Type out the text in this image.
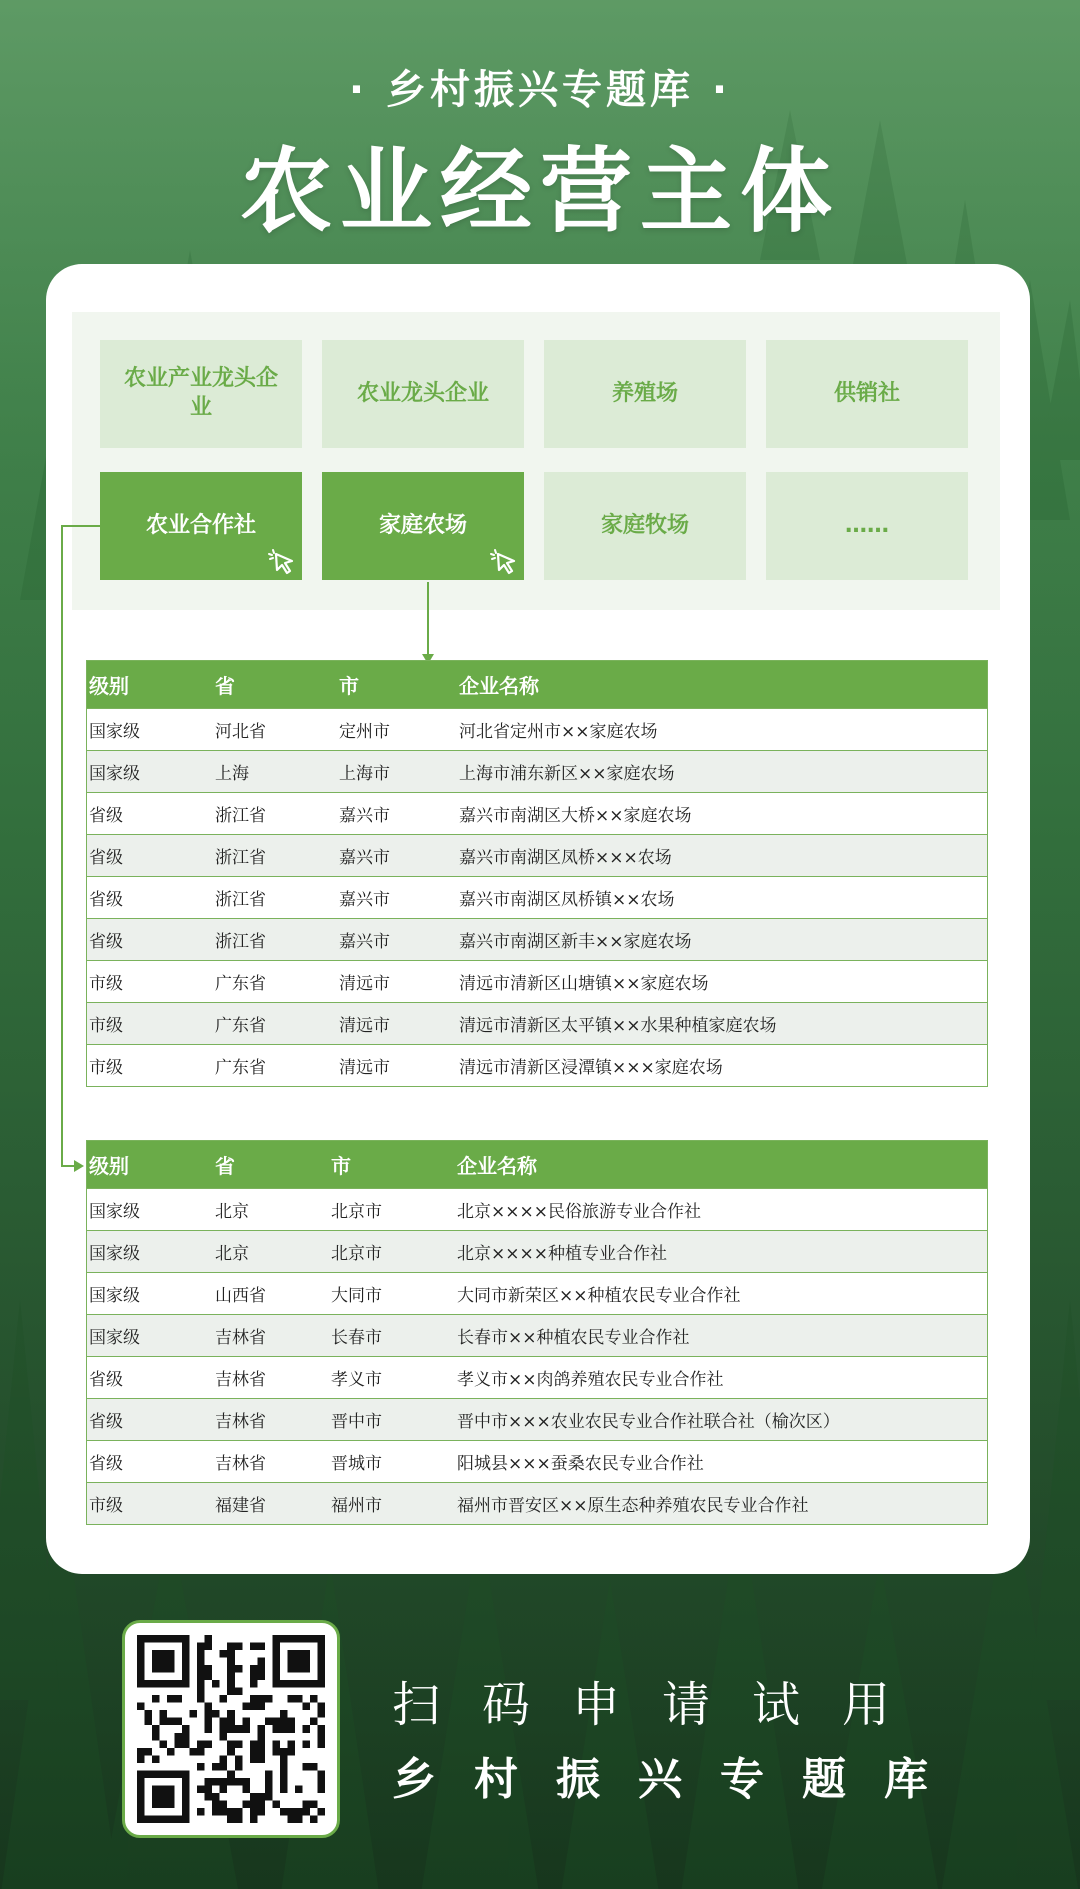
· 乡村振兴专题库 ·
农业经营主体
农业产业龙头企业
农业龙头企业	养殖场	供销社
农业合作社	家庭农场	家庭牧场	……
级别	省	市	企业名称
国家级	河北省	定州市	河北省定州市××家庭农场
国家级	上海	上海市	上海市浦东新区××家庭农场
省级	浙江省	嘉兴市	嘉兴市南湖区大桥××家庭农场
省级	浙江省	嘉兴市	嘉兴市南湖区凤桥×××农场
省级	浙江省	嘉兴市	嘉兴市南湖区凤桥镇××农场
省级	浙江省	嘉兴市	嘉兴市南湖区新丰××家庭农场
市级	广东省	清远市	清远市清新区山塘镇××家庭农场
市级	广东省	清远市	清远市清新区太平镇××水果种植家庭农场
市级	广东省	清远市	清远市清新区浸潭镇×××家庭农场
级别	省	市	企业名称
国家级	北京	北京市	北京××××民俗旅游专业合作社
国家级	北京	北京市	北京××××种植专业合作社
国家级	山西省	大同市	大同市新荣区××种植农民专业合作社
国家级	吉林省	长春市	长春市××种植农民专业合作社
省级	吉林省	孝义市	孝义市××肉鸽养殖农民专业合作社
省级	吉林省	晋中市	晋中市×××农业农民专业合作社联合社（榆次区）
省级	吉林省	晋城市	阳城县×××蚕桑农民专业合作社
市级	福建省	福州市	福州市晋安区××原生态种养殖农民专业合作社
扫码申请试用
乡村振兴专题库
